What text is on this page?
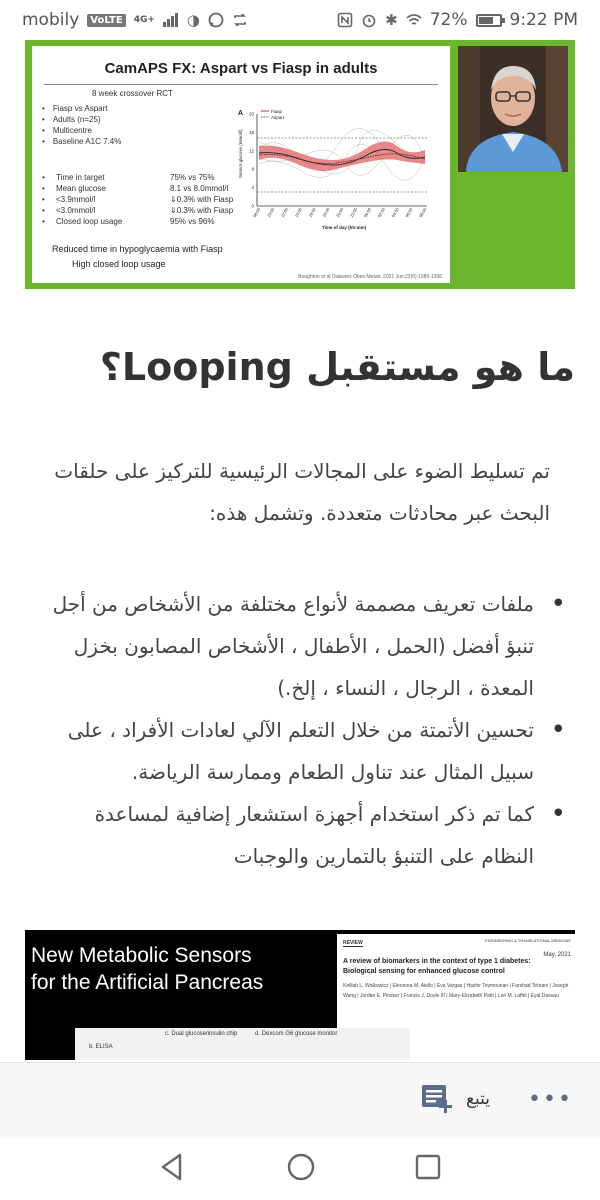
mobily	VoLTE	4G+ ◑	✱ 72% 9:22 PM
CamAPS FX: Aspart vs Fiasp in adults
8 week crossover RCT
• Fiasp vs Aspart
• Adults (n=25)
• Multicentre
• Baseline A1C 7.4%
• Time in target	75% vs 75%
• Mean glucose	8.1 vs 8.0mmol/l
• <3.9mmol/l	⇓0.3% with Fiasp
• <3.0mmol/l	⇓0.3% with Fiasp
• Closed loop usage	95% vs 96%
Reduced time in hypoglycaemia with Fiasp
High closed loop usage
Boughton et al Diabetes Obes Metab. 2021 Jun;23(6):1389-1396
A 20
16
12
8
4
0
08:00 10:00 12:00 14:00 16:00 18:00 20:00 22:00 00:00 02:00 04:00 06:00 08:00
Fiasp
Aspart
Sensor glucose (mmol/l)
Time of day (hh:mm)
ما هو مستقبل Looping؟

تم تسليط الضوء على المجالات الرئيسية للتركيز على حلقات البحث عبر محادثات متعددة. وتشمل هذه:

• ملفات تعريف مصممة لأنواع مختلفة من الأشخاص من أجل تنبؤ أفضل (الحمل ، الأطفال ، الأشخاص المصابون بخزل المعدة ، الرجال ، النساء ، إلخ.)
• تحسين الأتمتة من خلال التعلم الآلي لعادات الأفراد ، على سبيل المثال عند تناول الطعام وممارسة الرياضة.
• كما تم ذكر استخدام أجهزة استشعار إضافية لمساعدة النظام على التنبؤ بالتمارين والوجبات
New Metabolic Sensors
for the Artificial Pancreas
REVIEW	ENGINEERING & TRANSLATIONAL MEDICINE
May, 2021
A review of biomarkers in the context of type 1 diabetes: Biological sensing for enhanced glucose control
Keillah L. Wolkowicz | Eleonora M. Aiello | Eva Vargas | Hazhir Teymourian | Farshad Tehrani | Joseph Wang | Jordan E. Pinsker | Francis J. Doyle III | Mary-Elizabeth Patti | Lori M. Laffel | Eyal Dassau
b. ELISA
c. Dual glucose/insulin chip	d. Dexcom G6 glucose monitor
يتبع •••
